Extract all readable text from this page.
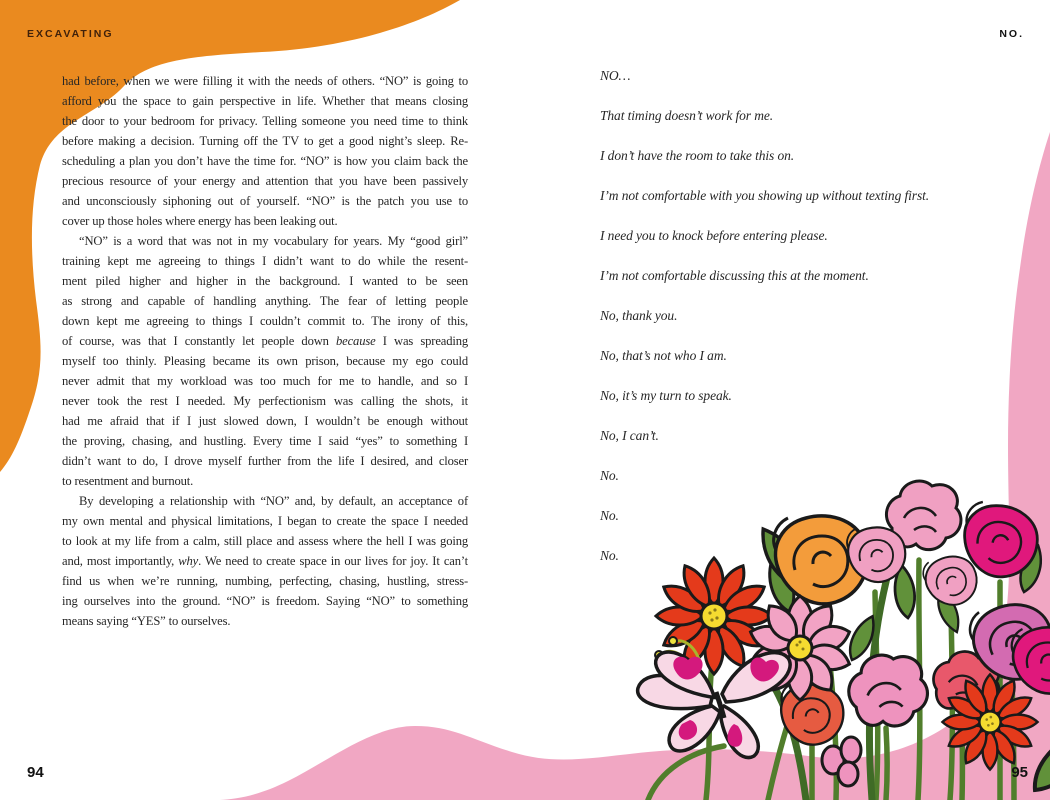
EXCAVATING	NO.
had before, when we were filling it with the needs of others. “NO” is going to
afford you the space to gain perspective in life. Whether that means closing
the door to your bedroom for privacy. Telling someone you need time to think
before making a decision. Turning off the TV to get a good night’s sleep. Re-
scheduling a plan you don’t have the time for. “NO” is how you claim back the
precious resource of your energy and attention that you have been passively
and unconsciously siphoning out of yourself. “NO” is the patch you use to
cover up those holes where energy has been leaking out.
“NO” is a word that was not in my vocabulary for years. My “good girl”
training kept me agreeing to things I didn’t want to do while the resent-
ment piled higher and higher in the background. I wanted to be seen
as strong and capable of handling anything. The fear of letting people
down kept me agreeing to things I couldn’t commit to. The irony of this,
of course, was that I constantly let people down because I was spreading
myself too thinly. Pleasing became its own prison, because my ego could
never admit that my workload was too much for me to handle, and so I
never took the rest I needed. My perfectionism was calling the shots, it
had me afraid that if I just slowed down, I wouldn’t be enough without
the proving, chasing, and hustling. Every time I said “yes” to something I
didn’t want to do, I drove myself further from the life I desired, and closer
to resentment and burnout.
By developing a relationship with “NO” and, by default, an acceptance of
my own mental and physical limitations, I began to create the space I needed
to look at my life from a calm, still place and assess where the hell I was going
and, most importantly, why. We need to create space in our lives for joy. It can’t
find us when we’re running, numbing, perfecting, chasing, hustling, stress-
ing ourselves into the ground. “NO” is freedom. Saying “NO” to something
means saying “YES” to ourselves.
NO…
That timing doesn’t work for me.
I don’t have the room to take this on.
I’m not comfortable with you showing up without texting first.
I need you to knock before entering please.
I’m not comfortable discussing this at the moment.
No, thank you.
No, that’s not who I am.
No, it’s my turn to speak.
No, I can’t.
No.
No.
No.
94	95
